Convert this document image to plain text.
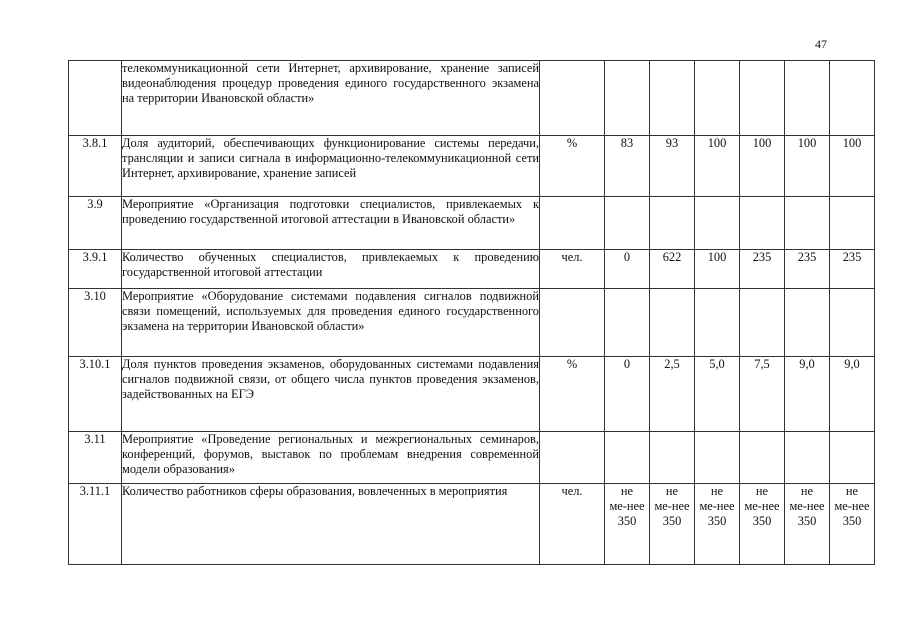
47

	телекоммуникационной сети Интернет, архивирование, хранение записей видеонаблюдения процедур проведения единого государственного экзамена на территории Ивановской области»							

3.8.1	Доля аудиторий, обеспечивающих функционирование системы передачи, трансляции и записи сигнала в информационно-телекоммуникационной сети Интернет, архивирование, хранение записей	%	83	93	100	100	100	100
3.9	Мероприятие «Организация подготовки специалистов, привлекаемых к проведению государственной итоговой аттестации в Ивановской области»							

3.9.1	Количество обученных специалистов, привлекаемых к проведению государственной итоговой аттестации	чел.	0	622	100	235	235	235
3.10	Мероприятие «Оборудование системами подавления сигналов подвижной связи помещений, используемых для проведения единого государственного экзамена на территории Ивановской области»							

3.10.1	Доля пунктов проведения экзаменов, оборудованных системами подавления сигналов подвижной связи, от общего числа пунктов проведения экзаменов, задействованных на ЕГЭ	%	0	2,5	5,0	7,5	9,0	9,0
3.11	Мероприятие «Проведение региональных и межрегиональных семинаров, конференций, форумов, выставок по проблемам внедрения современной модели образования»							

3.11.1	Количество работников сферы образования, вовлеченных в мероприятия	чел.	не
ме-нее
350	не
ме-нее
350	не
ме-нее
350	не
ме-нее
350	не
ме-нее
350	не
ме-нее
350
